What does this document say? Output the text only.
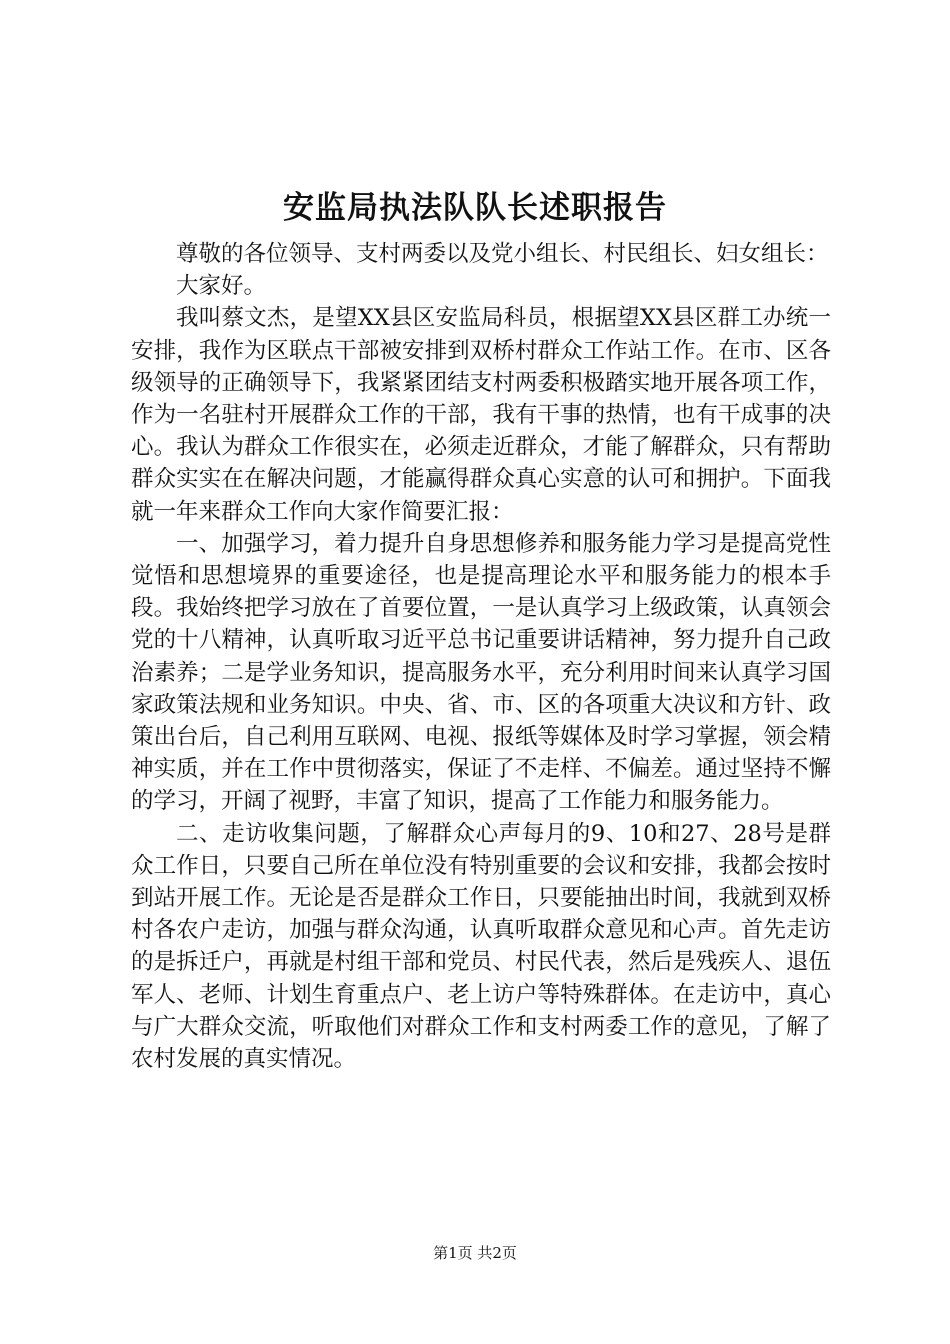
安监局执法队队长述职报告

尊敬的各位领导、支村两委以及党小组长、村民组长、妇女组长：

大家好。

我叫蔡文杰，是望XX县区安监局科员，根据望XX县区群工办统一安排，我作为区联点干部被安排到双桥村群众工作站工作。在市、区各级领导的正确领导下，我紧紧团结支村两委积极踏实地开展各项工作，作为一名驻村开展群众工作的干部，我有干事的热情，也有干成事的决心。我认为群众工作很实在，必须走近群众，才能了解群众，只有帮助群众实实在在解决问题，才能赢得群众真心实意的认可和拥护。下面我就一年来群众工作向大家作简要汇报：

一、加强学习，着力提升自身思想修养和服务能力学习是提高党性觉悟和思想境界的重要途径，也是提高理论水平和服务能力的根本手段。我始终把学习放在了首要位置，一是认真学习上级政策，认真领会党的十八精神，认真听取习近平总书记重要讲话精神，努力提升自己政治素养；二是学业务知识，提高服务水平，充分利用时间来认真学习国家政策法规和业务知识。中央、省、市、区的各项重大决议和方针、政策出台后，自己利用互联网、电视、报纸等媒体及时学习掌握，领会精神实质，并在工作中贯彻落实，保证了不走样、不偏差。通过坚持不懈的学习，开阔了视野，丰富了知识，提高了工作能力和服务能力。

二、走访收集问题，了解群众心声每月的9、10和27、28号是群众工作日，只要自己所在单位没有特别重要的会议和安排，我都会按时到站开展工作。无论是否是群众工作日，只要能抽出时间，我就到双桥村各农户走访，加强与群众沟通，认真听取群众意见和心声。首先走访的是拆迁户，再就是村组干部和党员、村民代表，然后是残疾人、退伍军人、老师、计划生育重点户、老上访户等特殊群体。在走访中，真心与广大群众交流，听取他们对群众工作和支村两委工作的意见，了解了农村发展的真实情况。

第1页 共2页
